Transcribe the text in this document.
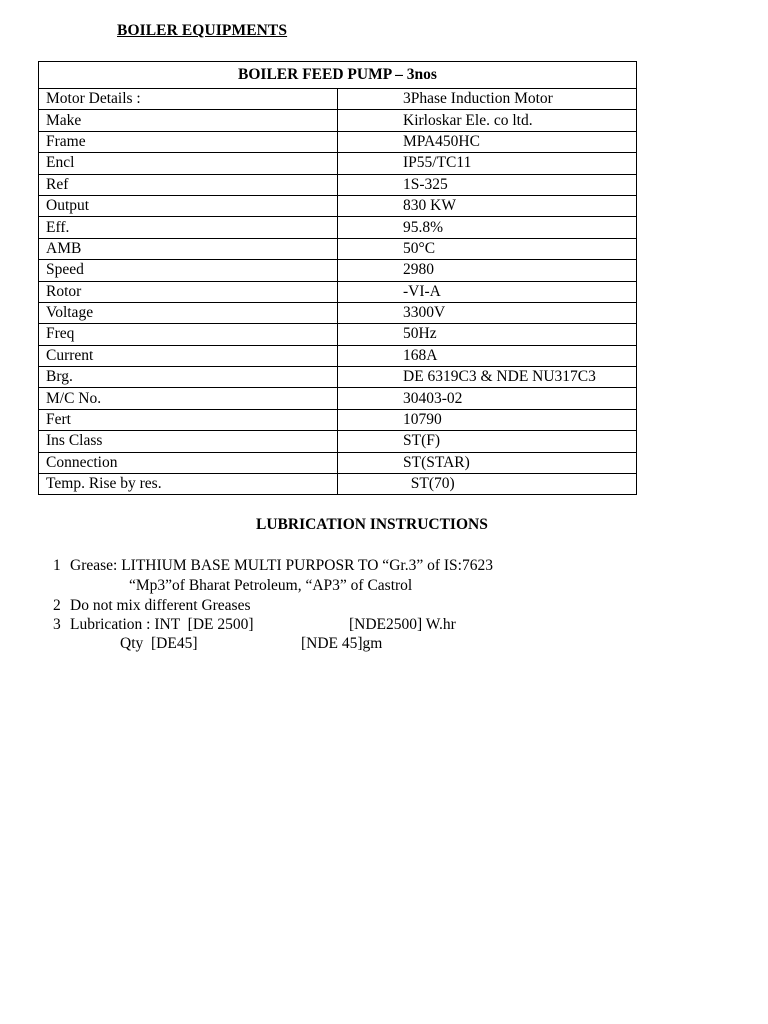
BOILER EQUIPMENTS
BOILER FEED PUMP – 3nos	
Motor Details :	3Phase Induction Motor
Make	Kirloskar Ele. co ltd.
Frame	MPA450HC
Encl	IP55/TC11
Ref	1S-325
Output	830 KW
Eff.	95.8%
AMB	50°C
Speed	2980
Rotor	-VI-A
Voltage	3300V
Freq	50Hz
Current	168A
Brg.	DE 6319C3 & NDE NU317C3
M/C No.	30403-02
Fert	10790
Ins Class	ST(F)
Connection	ST(STAR)
Temp. Rise by res.	ST(70)
LUBRICATION INSTRUCTIONS
1 Grease: LITHIUM BASE MULTI PURPOSR TO “Gr.3” of IS:7623
“Mp3”of Bharat Petroleum, “AP3” of Castrol
2 Do not mix different Greases
3 Lubrication : INT  [DE 2500]	[NDE2500] W.hr
Qty  [DE45]	[NDE 45]gm
